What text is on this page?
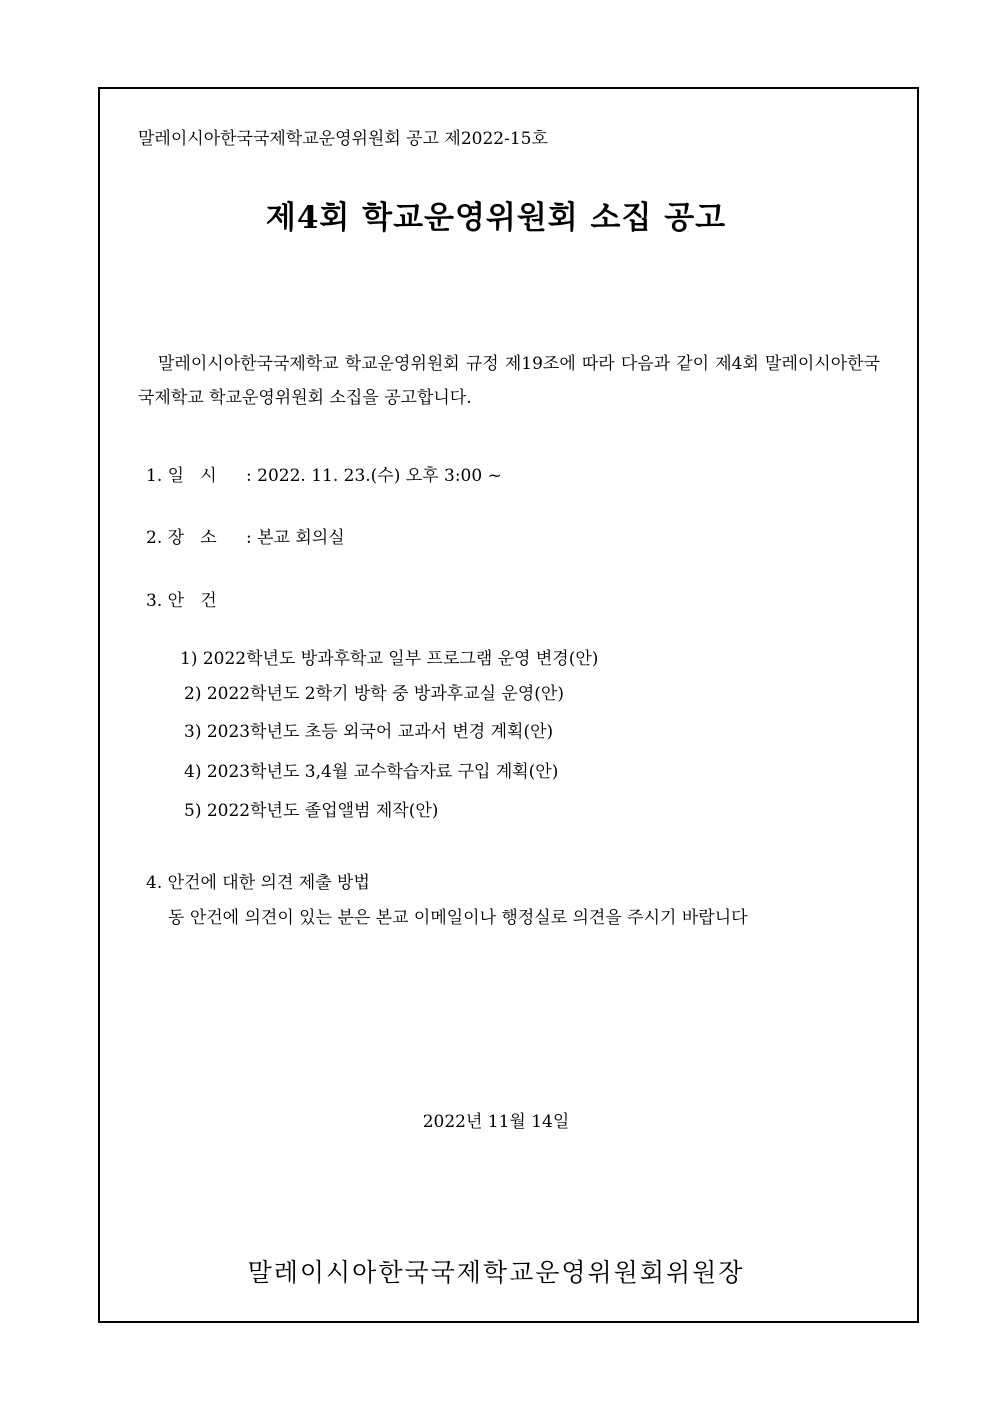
말레이시아한국국제학교운영위원회 공고 제2022-15호
제4회 학교운영위원회 소집 공고
말레이시아한국국제학교 학교운영위원회 규정 제19조에 따라 다음과 같이 제4회 말레이시아한국국제학교 학교운영위원회 소집을 공고합니다.
1. 일   시 : 2022. 11. 23.(수) 오후 3:00 ~
2. 장   소 : 본교 회의실
3. 안   건
1) 2022학년도 방과후학교 일부 프로그램 운영 변경(안)
2) 2022학년도 2학기 방학 중 방과후교실 운영(안)
3) 2023학년도 초등 외국어 교과서 변경 계획(안)
4) 2023학년도 3,4월 교수학습자료 구입 계획(안)
5) 2022학년도 졸업앨범 제작(안)
4. 안건에 대한 의견 제출 방법
동 안건에 의견이 있는 분은 본교 이메일이나 행정실로 의견을 주시기 바랍니다
2022년 11월 14일
말레이시아한국국제학교운영위원회위원장
